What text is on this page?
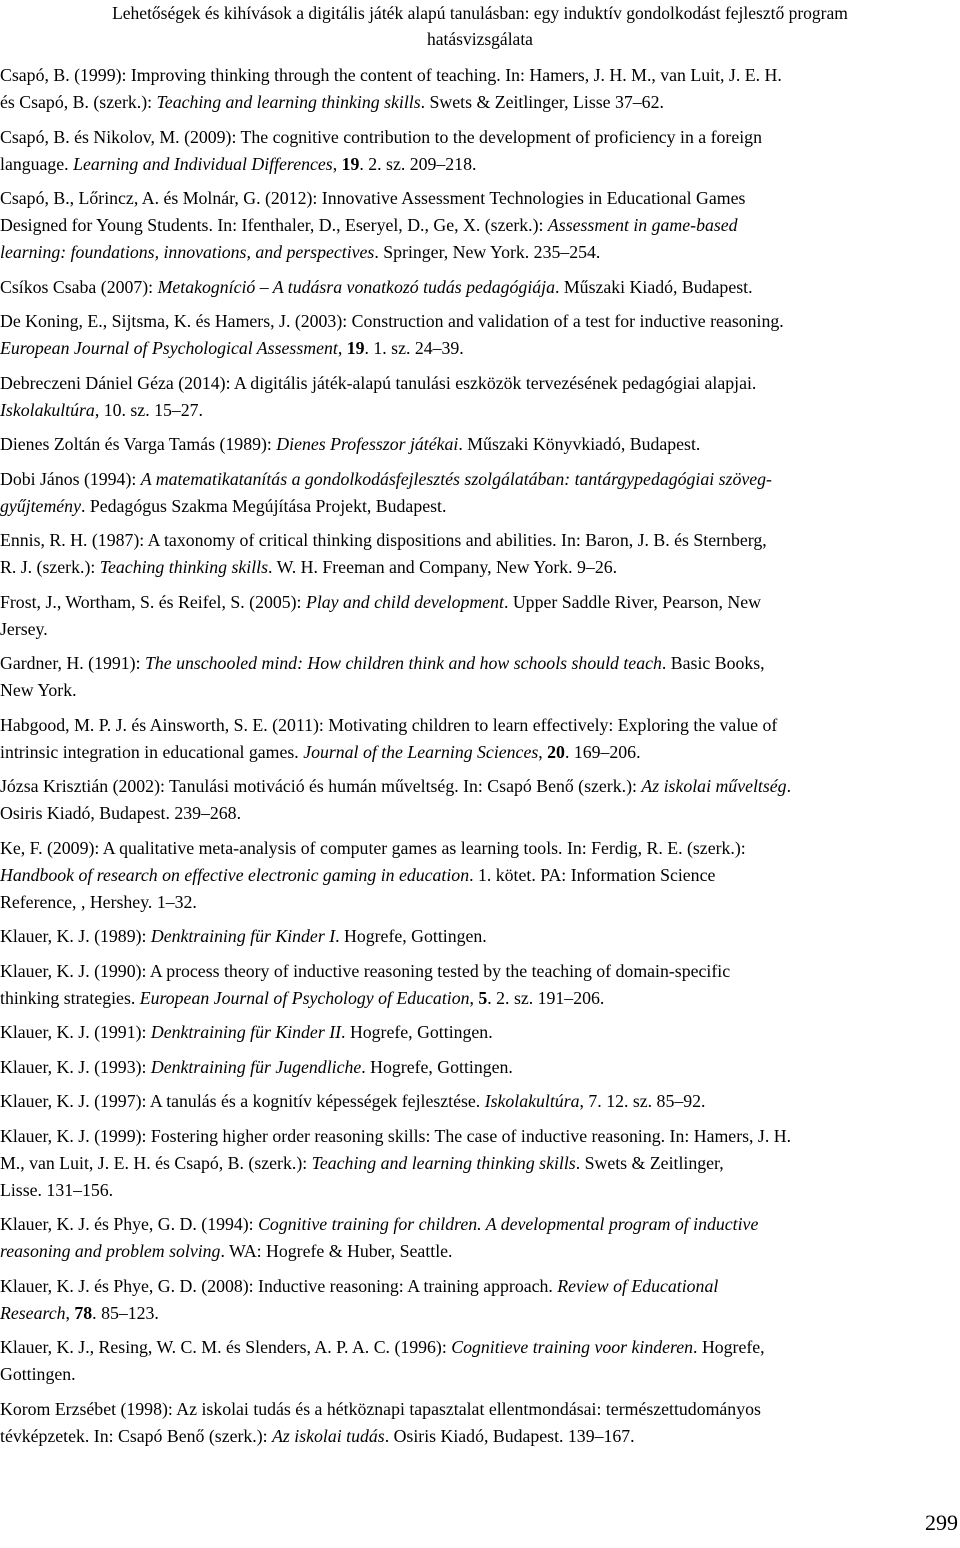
Lehetőségek és kihívások a digitális játék alapú tanulásban: egy induktív gondolkodást fejlesztő program
hatásvizsgálata
Csapó, B. (1999): Improving thinking through the content of teaching. In: Hamers, J. H. M., van Luit, J. E. H.
és Csapó, B. (szerk.): Teaching and learning thinking skills. Swets & Zeitlinger, Lisse 37–62.
Csapó, B. és Nikolov, M. (2009): The cognitive contribution to the development of proficiency in a foreign
language. Learning and Individual Differences, 19. 2. sz. 209–218.
Csapó, B., Lőrincz, A. és Molnár, G. (2012): Innovative Assessment Technologies in Educational Games
Designed for Young Students. In: Ifenthaler, D., Eseryel, D., Ge, X. (szerk.): Assessment in game-based
learning: foundations, innovations, and perspectives. Springer, New York. 235–254.
Csíkos Csaba (2007): Metakogníció – A tudásra vonatkozó tudás pedagógiája. Műszaki Kiadó, Budapest.
De Koning, E., Sijtsma, K. és Hamers, J. (2003): Construction and validation of a test for inductive reasoning.
European Journal of Psychological Assessment, 19. 1. sz. 24–39.
Debreczeni Dániel Géza (2014): A digitális játék-alapú tanulási eszközök tervezésének pedagógiai alapjai.
Iskolakultúra, 10. sz. 15–27.
Dienes Zoltán és Varga Tamás (1989): Dienes Professzor játékai. Műszaki Könyvkiadó, Budapest.
Dobi János (1994): A matematikatanítás a gondolkodásfejlesztés szolgálatában: tantárgypedagógiai szöveg-
gyűjtemény. Pedagógus Szakma Megújítása Projekt, Budapest.
Ennis, R. H. (1987): A taxonomy of critical thinking dispositions and abilities. In: Baron, J. B. és Sternberg,
R. J. (szerk.): Teaching thinking skills. W. H. Freeman and Company, New York. 9–26.
Frost, J., Wortham, S. és Reifel, S. (2005): Play and child development. Upper Saddle River, Pearson, New
Jersey.
Gardner, H. (1991): The unschooled mind: How children think and how schools should teach. Basic Books,
New York.
Habgood, M. P. J. és Ainsworth, S. E. (2011): Motivating children to learn effectively: Exploring the value of
intrinsic integration in educational games. Journal of the Learning Sciences, 20. 169–206.
Józsa Krisztián (2002): Tanulási motiváció és humán műveltség. In: Csapó Benő (szerk.): Az iskolai műveltség.
Osiris Kiadó, Budapest. 239–268.
Ke, F. (2009): A qualitative meta-analysis of computer games as learning tools. In: Ferdig, R. E. (szerk.):
Handbook of research on effective electronic gaming in education. 1. kötet. PA: Information Science
Reference, , Hershey. 1–32.
Klauer, K. J. (1989): Denktraining für Kinder I. Hogrefe, Gottingen.
Klauer, K. J. (1990): A process theory of inductive reasoning tested by the teaching of domain-specific
thinking strategies. European Journal of Psychology of Education, 5. 2. sz. 191–206.
Klauer, K. J. (1991): Denktraining für Kinder II. Hogrefe, Gottingen.
Klauer, K. J. (1993): Denktraining für Jugendliche. Hogrefe, Gottingen.
Klauer, K. J. (1997): A tanulás és a kognitív képességek fejlesztése. Iskolakultúra, 7. 12. sz. 85–92.
Klauer, K. J. (1999): Fostering higher order reasoning skills: The case of inductive reasoning. In: Hamers, J. H.
M., van Luit, J. E. H. és Csapó, B. (szerk.): Teaching and learning thinking skills. Swets & Zeitlinger,
Lisse. 131–156.
Klauer, K. J. és Phye, G. D. (1994): Cognitive training for children. A developmental program of inductive
reasoning and problem solving. WA: Hogrefe & Huber, Seattle.
Klauer, K. J. és Phye, G. D. (2008): Inductive reasoning: A training approach. Review of Educational
Research, 78. 85–123.
Klauer, K. J., Resing, W. C. M. és Slenders, A. P. A. C. (1996): Cognitieve training voor kinderen. Hogrefe,
Gottingen.
Korom Erzsébet (1998): Az iskolai tudás és a hétköznapi tapasztalat ellentmondásai: természettudományos
tévképzetek. In: Csapó Benő (szerk.): Az iskolai tudás. Osiris Kiadó, Budapest. 139–167.
299
